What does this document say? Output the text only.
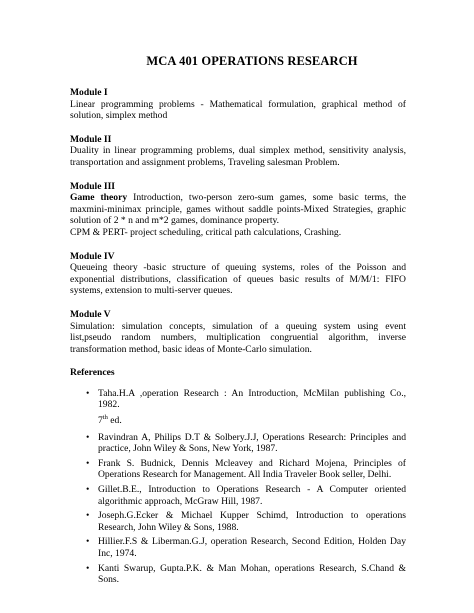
MCA 401 OPERATIONS RESEARCH
Module I
Linear programming problems - Mathematical formulation, graphical method of solution, simplex method
Module II
Duality in linear programming problems, dual simplex method, sensitivity analysis, transportation and assignment problems, Traveling salesman Problem.
Module III

Game theory Introduction, two-person zero-sum games, some basic terms, the maxmini-minimax principle, games without saddle points-Mixed Strategies, graphic solution of 2 * n and m*2 games, dominance property.

CPM & PERT- project scheduling, critical path calculations, Crashing.

Module IV
Queueing theory -basic structure of queuing systems, roles of the Poisson and exponential distributions, classification of queues basic results of M/M/1: FIFO systems, extension to multi-server queues.
Module V
Simulation: simulation concepts, simulation of a queuing system using event list,pseudo random numbers, multiplication congruential algorithm, inverse transformation method, basic ideas of Monte-Carlo simulation.
References
• Taha.H.A ,operation Research : An Introduction, McMilan publishing Co., 1982.
7th ed.
• Ravindran A, Philips D.T & Solbery.J.J, Operations Research: Principles and practice, John Wiley & Sons, New York, 1987.
• Frank S. Budnick, Dennis Mcleavey and Richard Mojena, Principles of Operations Research for Management. All India Traveler Book seller, Delhi.
• Gillet.B.E., Introduction to Operations Research - A Computer oriented algorithmic approach, McGraw Hill, 1987.
• Joseph.G.Ecker & Michael Kupper Schimd, Introduction to operations Research, John Wiley & Sons, 1988.
• Hillier.F.S & Liberman.G.J, operation Research, Second Edition, Holden Day Inc, 1974.
• Kanti Swarup, Gupta.P.K. & Man Mohan, operations Research, S.Chand & Sons.
